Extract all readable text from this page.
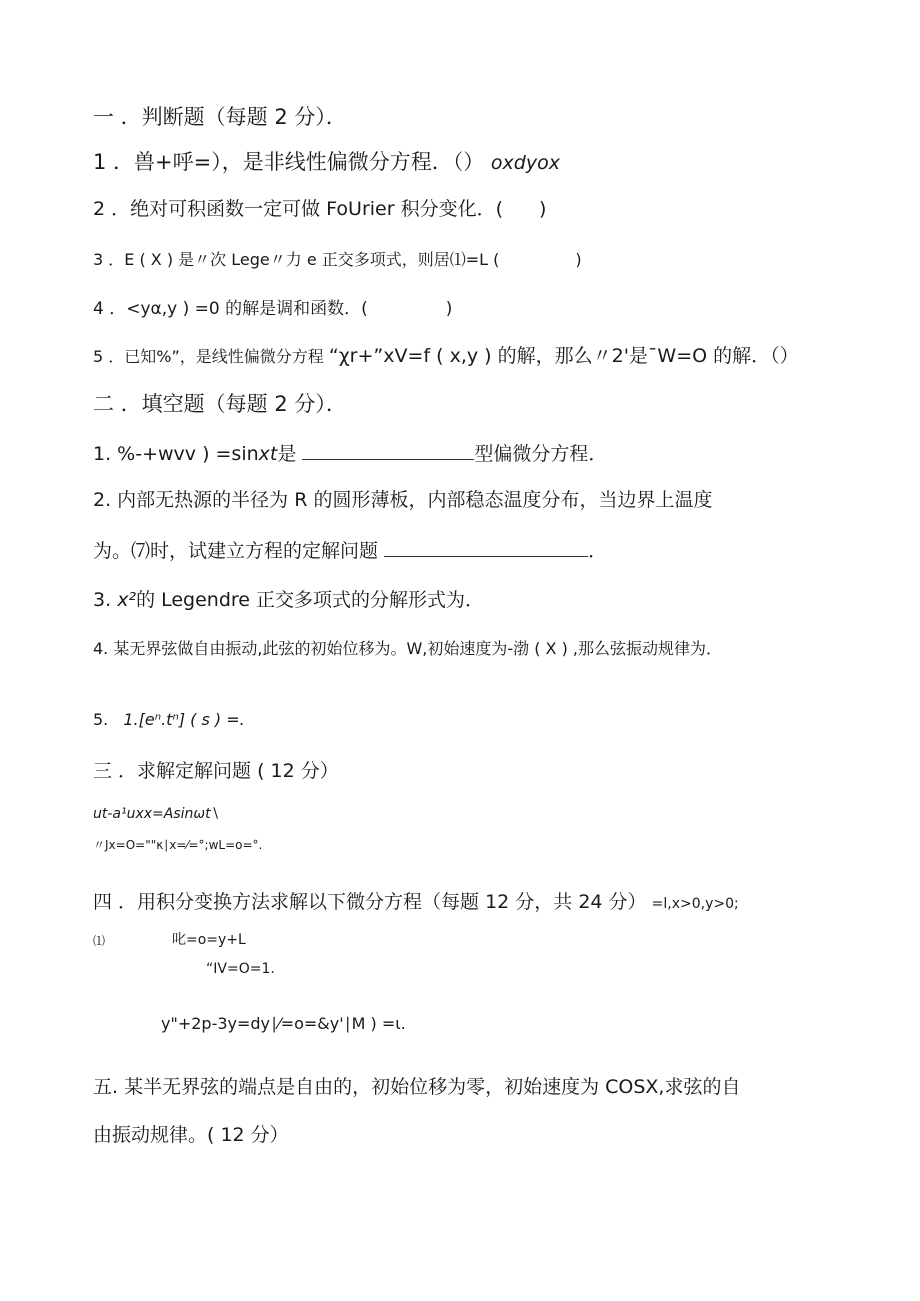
一 ．判断题（每题 2 分）．
1 ．兽+呼=），是非线性偏微分方程．（） oxdyox
2 ．绝对可积函数一定可做 FoUrier 积分变化．( )
3 ．E ( X ) 是〃次 Lege〃力 e 正交多项式，则居⑴=L (	)
4 ．<yα,y ) =0 的解是调和函数．(	)
5 ．已知%”，是线性偏微分方程 “χr+”xV=f ( x,y ) 的解，那么〃2'是ˉW=O 的解．（）
二 ．填空题（每题 2 分）．
1. %-+wvv ) =sinxt是	型偏微分方程．
2. 内部无热源的半径为 R 的圆形薄板，内部稳态温度分布，当边界上温度
为。⑺时，试建立方程的定解问题	．
3. x²的 Legendre 正交多项式的分解形式为．
4. 某无界弦做自由振动,此弦的初始位移为。W,初始速度为-渤 ( X ) ,那么弦振动规律为．
5. 1.[eⁿ.tⁿ] ( s ) =.
三 ．求解定解问题 ( 12 分）
ut-a¹uxx=Asinωt∖
〃Jx=O=""κ∣x=⁄=°;wL=o=°.
四 ．用积分变换方法求解以下微分方程（每题 12 分，共 24 分） =l,x>0,y>0;
⑴	叱=o=y+L
“IV=O=1.
y"+2p-3y=dy∣⁄=o=&y'∣M ) =ι.
五. 某半无界弦的端点是自由的，初始位移为零，初始速度为 COSX,求弦的自
由振动规律。( 12 分）
